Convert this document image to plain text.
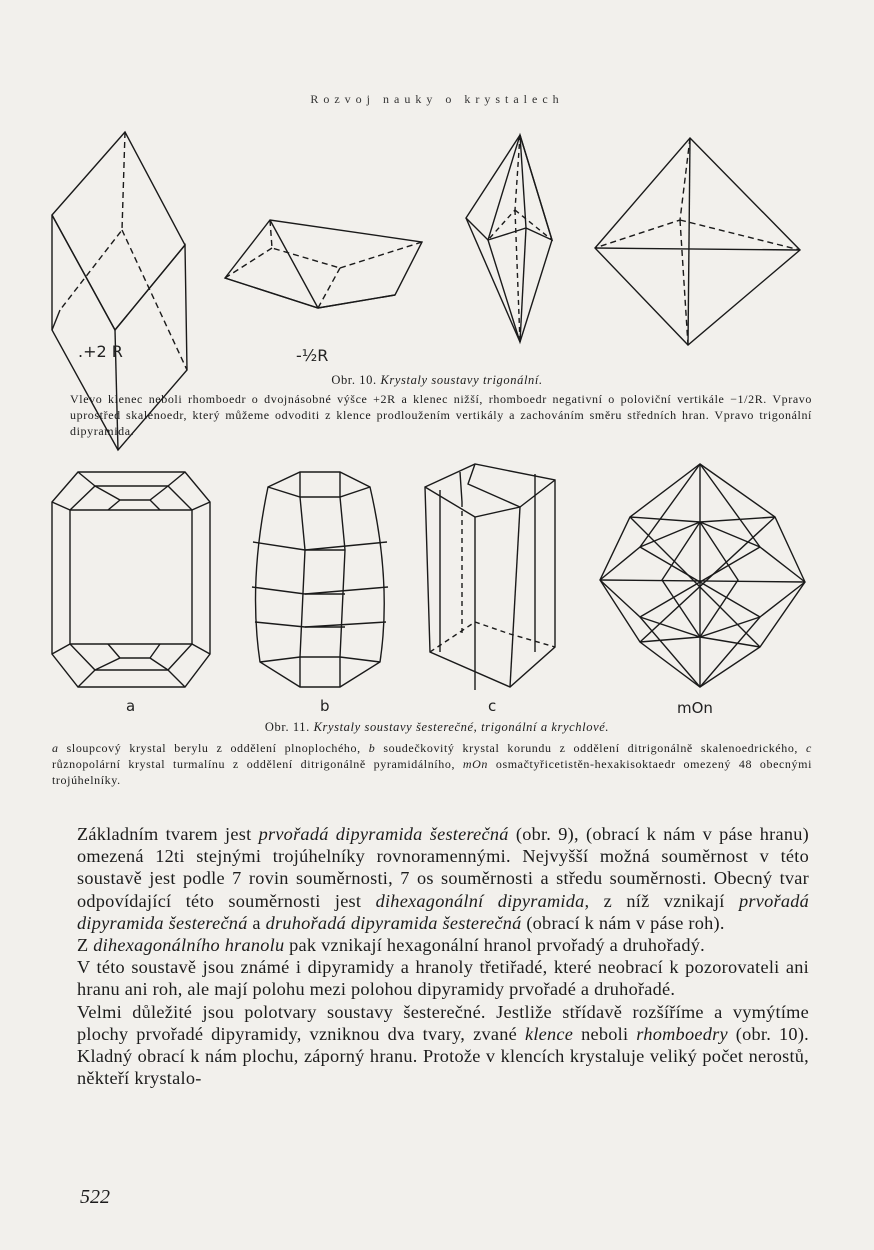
Rozvoj nauky o krystalech
.+2 R	-½R
Obr. 10. Krystaly soustavy trigonální.
Vlevo klenec neboli rhomboedr o dvojnásobné výšce +2R a klenec nižší, rhomboedr negativní o poloviční vertikále −1/2R. Vpravo uprostřed skalenoedr, který můžeme odvoditi z klence prodloužením vertikály a zachováním směru středních hran. Vpravo trigonální dipyramida.
a	b	c	mOn
Obr. 11. Krystaly soustavy šesterečné, trigonální a krychlové.
a sloupcový krystal berylu z oddělení plnoplochého, b soudečkovitý krystal korundu z oddělení ditrigonálně skalenoedrického, c různopolární krystal turmalínu z oddělení ditrigonálně pyramidálního, mOn osmačtyřicetistěn-hexakisoktaedr omezený 48 obecnými trojúhelníky.

Základním tvarem jest prvořadá dipyramida šesterečná (obr. 9), (obrací k nám v páse hranu) omezená 12ti stejnými trojúhelníky rovnoramennými. Nejvyšší možná souměrnost v této soustavě jest podle 7 rovin souměrnosti, 7 os souměrnosti a středu souměrnosti. Obecný tvar odpovídající této souměrnosti jest dihexagonální dipyramida, z níž vznikají prvořadá dipyramida šesterečná a druhořadá dipyramida šesterečná (obrací k nám v páse roh).

Z dihexagonálního hranolu pak vznikají hexagonální hranol prvořadý a druhořadý.

V této soustavě jsou známé i dipyramidy a hranoly třetiřadé, které neobrací k pozorovateli ani hranu ani roh, ale mají polohu mezi polohou dipyramidy prvořadé a druhořadé.

Velmi důležité jsou polotvary soustavy šesterečné. Jestliže střídavě rozšíříme a vymýtíme plochy prvořadé dipyramidy, vzniknou dva tvary, zvané klence neboli rhomboedry (obr. 10). Kladný obrací k nám plochu, záporný hranu. Protože v klencích krystaluje veliký počet nerostů, někteří krystalo-

522
